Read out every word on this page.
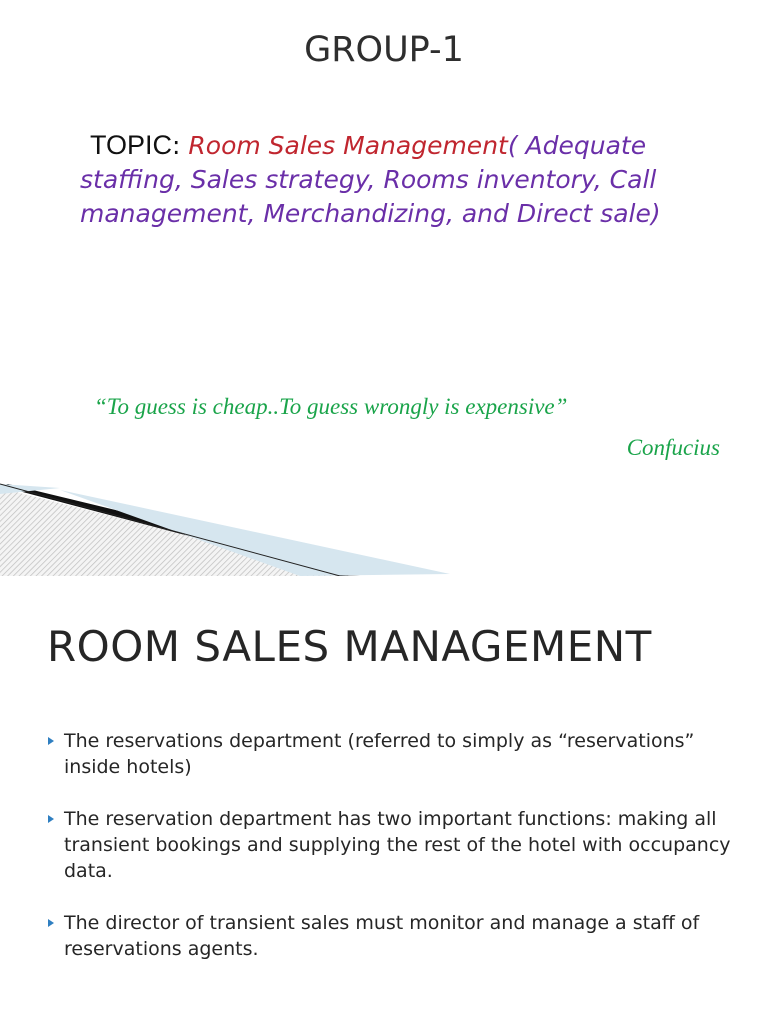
GROUP-1
TOPIC: Room Sales Management( Adequate
staffing, Sales strategy, Rooms inventory, Call
management, Merchandizing, and Direct sale)
“To guess is cheap..To guess wrongly is expensive”
Confucius
ROOM SALES MANAGEMENT
The reservations department (referred to simply as “reservations” inside hotels)
The reservation department has two important functions: making all transient bookings and supplying the rest of the hotel with occupancy data.
The director of transient sales must monitor and manage a staff of reservations agents.
